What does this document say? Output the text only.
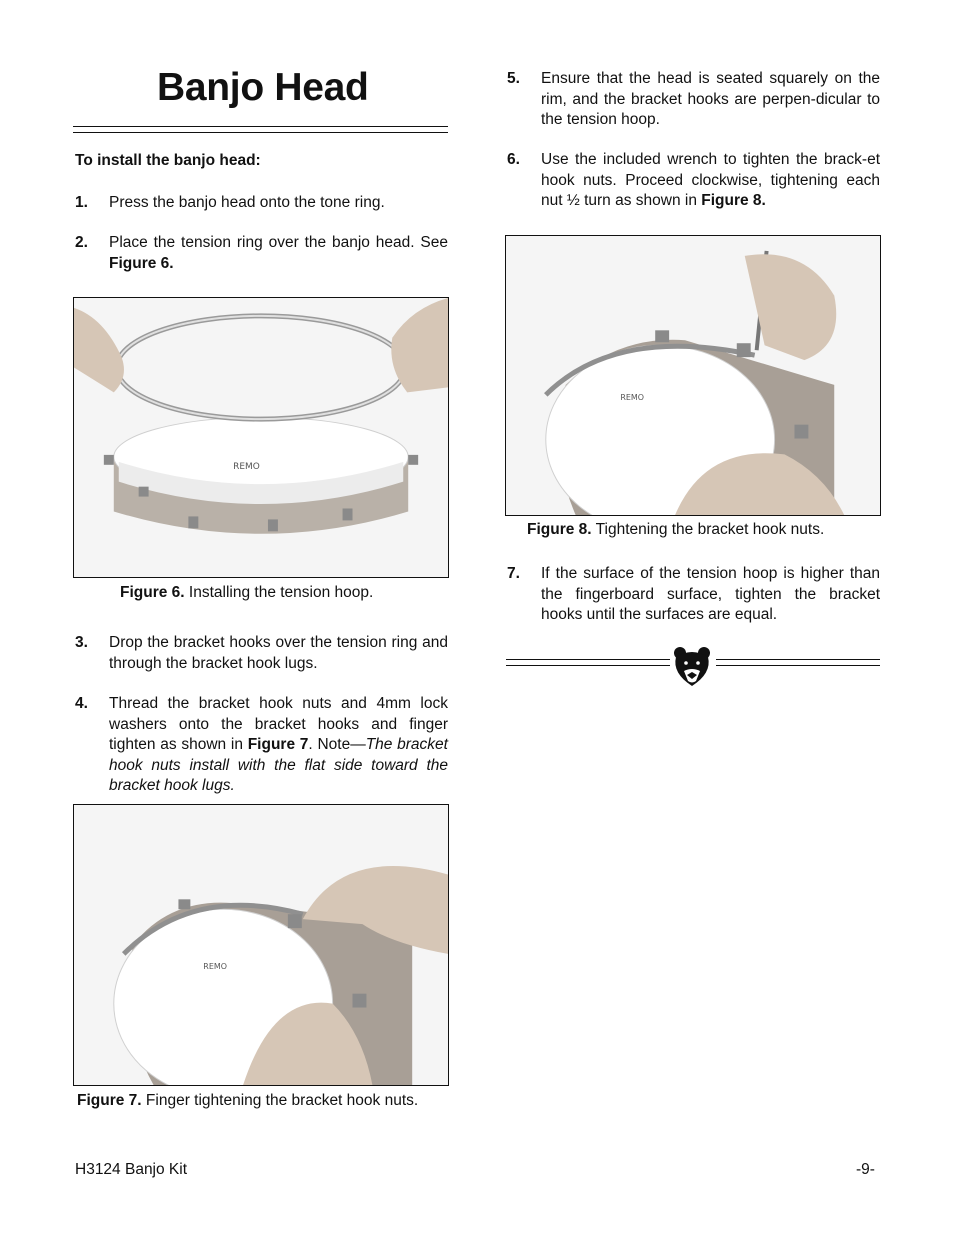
Banjo Head
To install the banjo head:
1. Press the banjo head onto the tone ring.
2. Place the tension ring over the banjo head. See Figure 6.
REMO
Figure 6. Installing the tension hoop.
3. Drop the bracket hooks over the tension ring and through the bracket hook lugs.
4. Thread the bracket hook nuts and 4mm lock washers onto the bracket hooks and finger tighten as shown in Figure 7. Note—The bracket hook nuts install with the flat side toward the bracket hook lugs.
REMO
Figure 7. Finger tightening the bracket hook nuts.
5. Ensure that the head is seated squarely on the rim, and the bracket hooks are perpen-dicular to the tension hoop.
6. Use the included wrench to tighten the brack-et hook nuts. Proceed clockwise, tightening each nut ½ turn as shown in Figure 8.
REMO
Figure 8. Tightening the bracket hook nuts.
7. If the surface of the tension hoop is higher than the fingerboard surface, tighten the bracket hooks until the surfaces are equal.
H3124 Banjo Kit	-9-
